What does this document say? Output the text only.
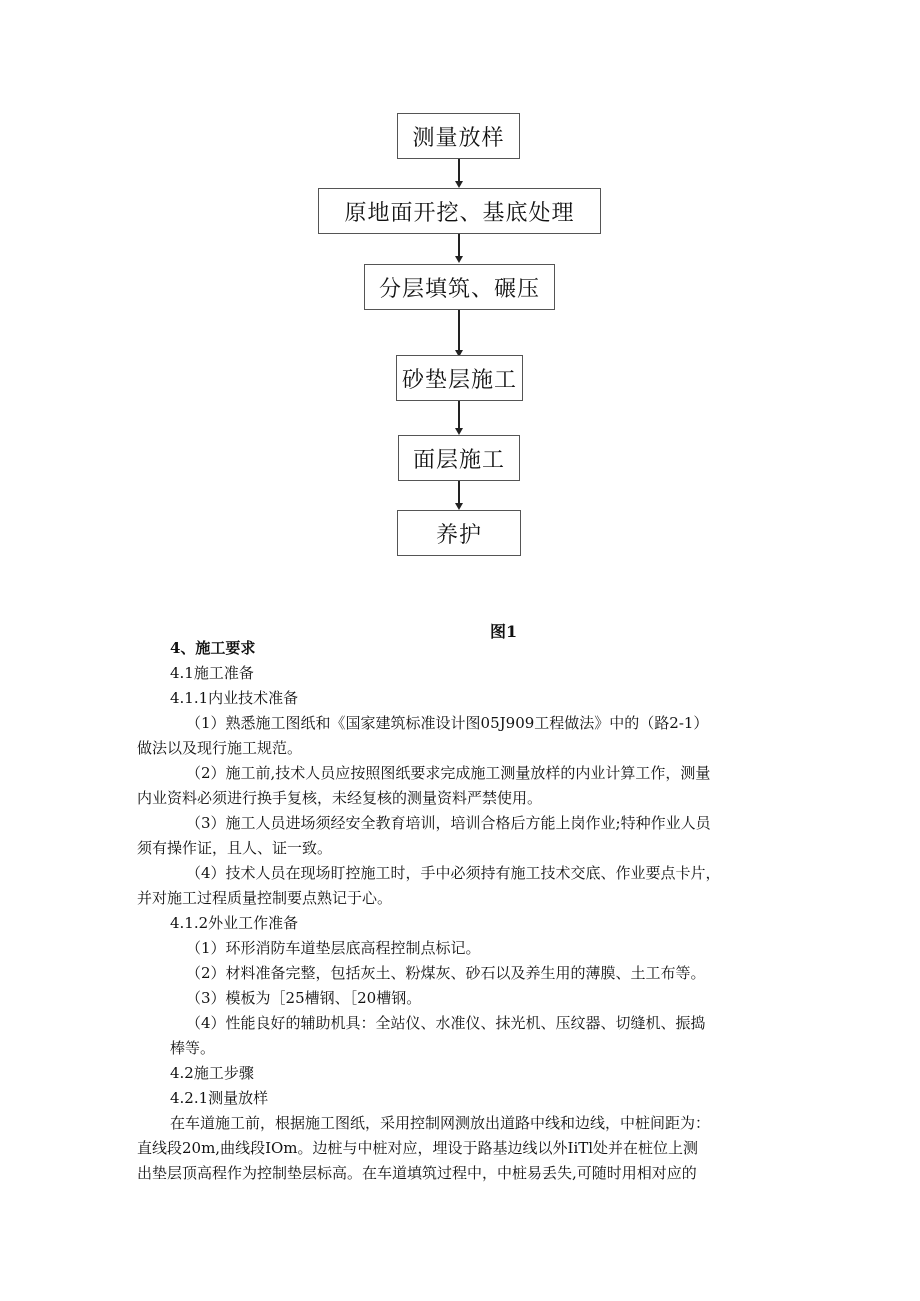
测量放样
原地面开挖、基底处理
分层填筑、碾压
砂垫层施工
面层施工
养护
图1
4、施工要求
4.1施工准备
4.1.1内业技术准备
（1）熟悉施工图纸和《国家建筑标准设计图05J909工程做法》中的（路2-1）
做法以及现行施工规范。
（2）施工前,技术人员应按照图纸要求完成施工测量放样的内业计算工作，测量
内业资料必须进行换手复核，未经复核的测量资料严禁使用。
（3）施工人员进场须经安全教育培训，培训合格后方能上岗作业;特种作业人员
须有操作证，且人、证一致。
（4）技术人员在现场盯控施工时，手中必须持有施工技术交底、作业要点卡片，
并对施工过程质量控制要点熟记于心。
4.1.2外业工作准备
（1）环形消防车道垫层底高程控制点标记。
（2）材料准备完整，包括灰土、粉煤灰、砂石以及养生用的薄膜、土工布等。
（3）模板为［25槽钢、［20槽钢。
（4）性能良好的辅助机具：全站仪、水准仪、抹光机、压纹器、切缝机、振捣
棒等。
4.2施工步骤
4.2.1测量放样
在车道施工前，根据施工图纸，采用控制网测放出道路中线和边线，中桩间距为：
直线段20m,曲线段IOm。边桩与中桩对应，埋设于路基边线以外IiTl处并在桩位上测
出垫层顶高程作为控制垫层标高。在车道填筑过程中，中桩易丢失,可随时用相对应的
